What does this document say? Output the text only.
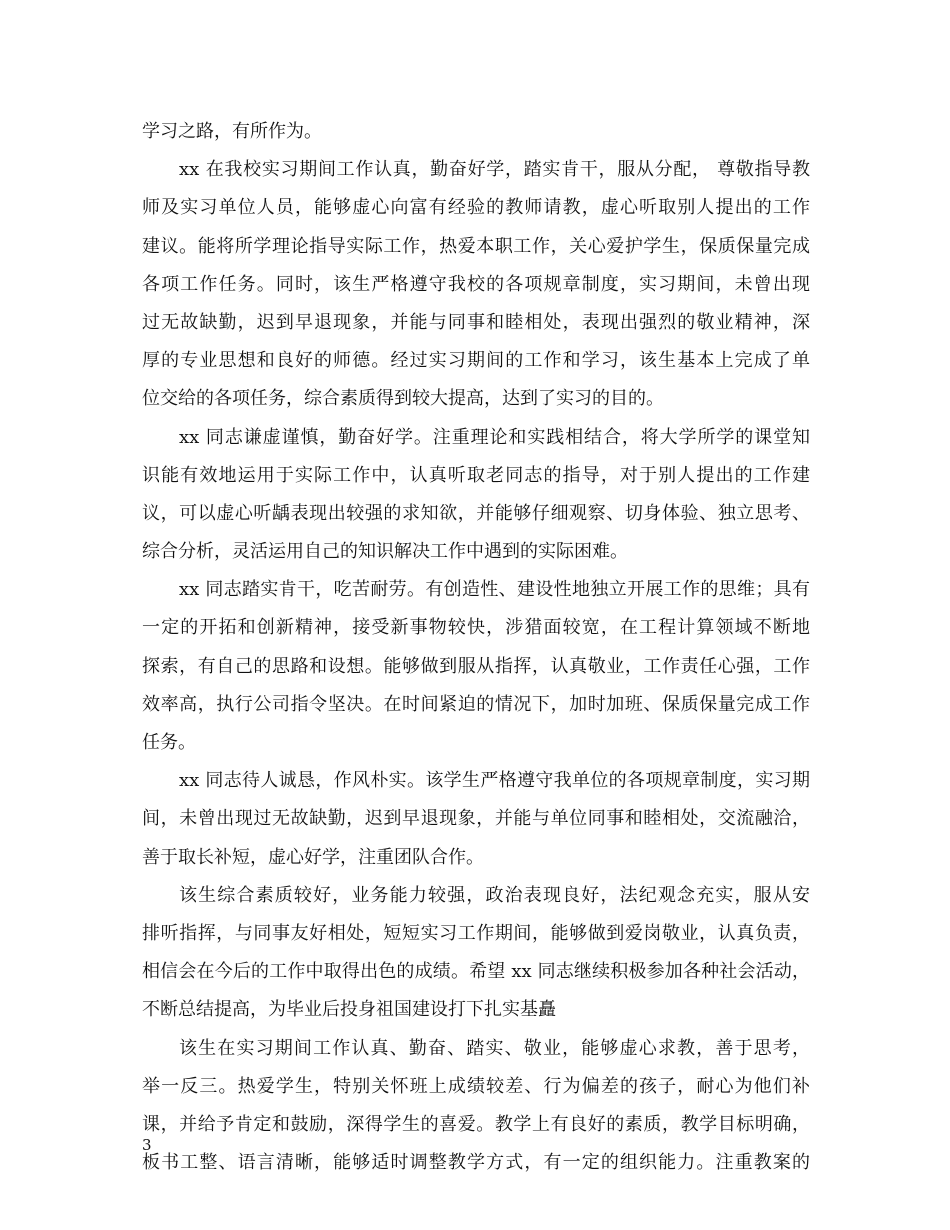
学习之路，有所作为。
xx 在我校实习期间工作认真，勤奋好学，踏实肯干，服从分配， 尊敬指导教
师及实习单位人员，能够虚心向富有经验的教师请教，虚心听取别人提出的工作
建议。能将所学理论指导实际工作，热爱本职工作，关心爱护学生，保质保量完成
各项工作任务。同时，该生严格遵守我校的各项规章制度，实习期间，未曾出现
过无故缺勤，迟到早退现象，并能与同事和睦相处，表现出强烈的敬业精神，深
厚的专业思想和良好的师德。经过实习期间的工作和学习，该生基本上完成了单
位交给的各项任务，综合素质得到较大提高，达到了实习的目的。
xx 同志谦虚谨慎，勤奋好学。注重理论和实践相结合，将大学所学的课堂知
识能有效地运用于实际工作中，认真听取老同志的指导，对于别人提出的工作建
议，可以虚心听龋表现出较强的求知欲，并能够仔细观察、切身体验、独立思考、
综合分析，灵活运用自己的知识解决工作中遇到的实际困难。
xx 同志踏实肯干，吃苦耐劳。有创造性、建设性地独立开展工作的思维；具有
一定的开拓和创新精神，接受新事物较快，涉猎面较宽，在工程计算领域不断地
探索，有自己的思路和设想。能够做到服从指挥，认真敬业，工作责任心强，工作
效率高，执行公司指令坚决。在时间紧迫的情况下，加时加班、保质保量完成工作
任务。
xx 同志待人诚恳，作风朴实。该学生严格遵守我单位的各项规章制度，实习期
间，未曾出现过无故缺勤，迟到早退现象，并能与单位同事和睦相处，交流融洽，
善于取长补短，虚心好学，注重团队合作。
该生综合素质较好，业务能力较强，政治表现良好，法纪观念充实，服从安
排听指挥，与同事友好相处，短短实习工作期间，能够做到爱岗敬业，认真负责，
相信会在今后的工作中取得出色的成绩。希望 xx 同志继续积极参加各种社会活动，
不断总结提高，为毕业后投身祖国建设打下扎实基矗
该生在实习期间工作认真、勤奋、踏实、敬业，能够虚心求教，善于思考，
举一反三。热爱学生，特别关怀班上成绩较差、行为偏差的孩子，耐心为他们补
课，并给予肯定和鼓励，深得学生的喜爱。教学上有良好的素质，教学目标明确，
板书工整、语言清晰，能够适时调整教学方式，有一定的组织能力。注重教案的
3
